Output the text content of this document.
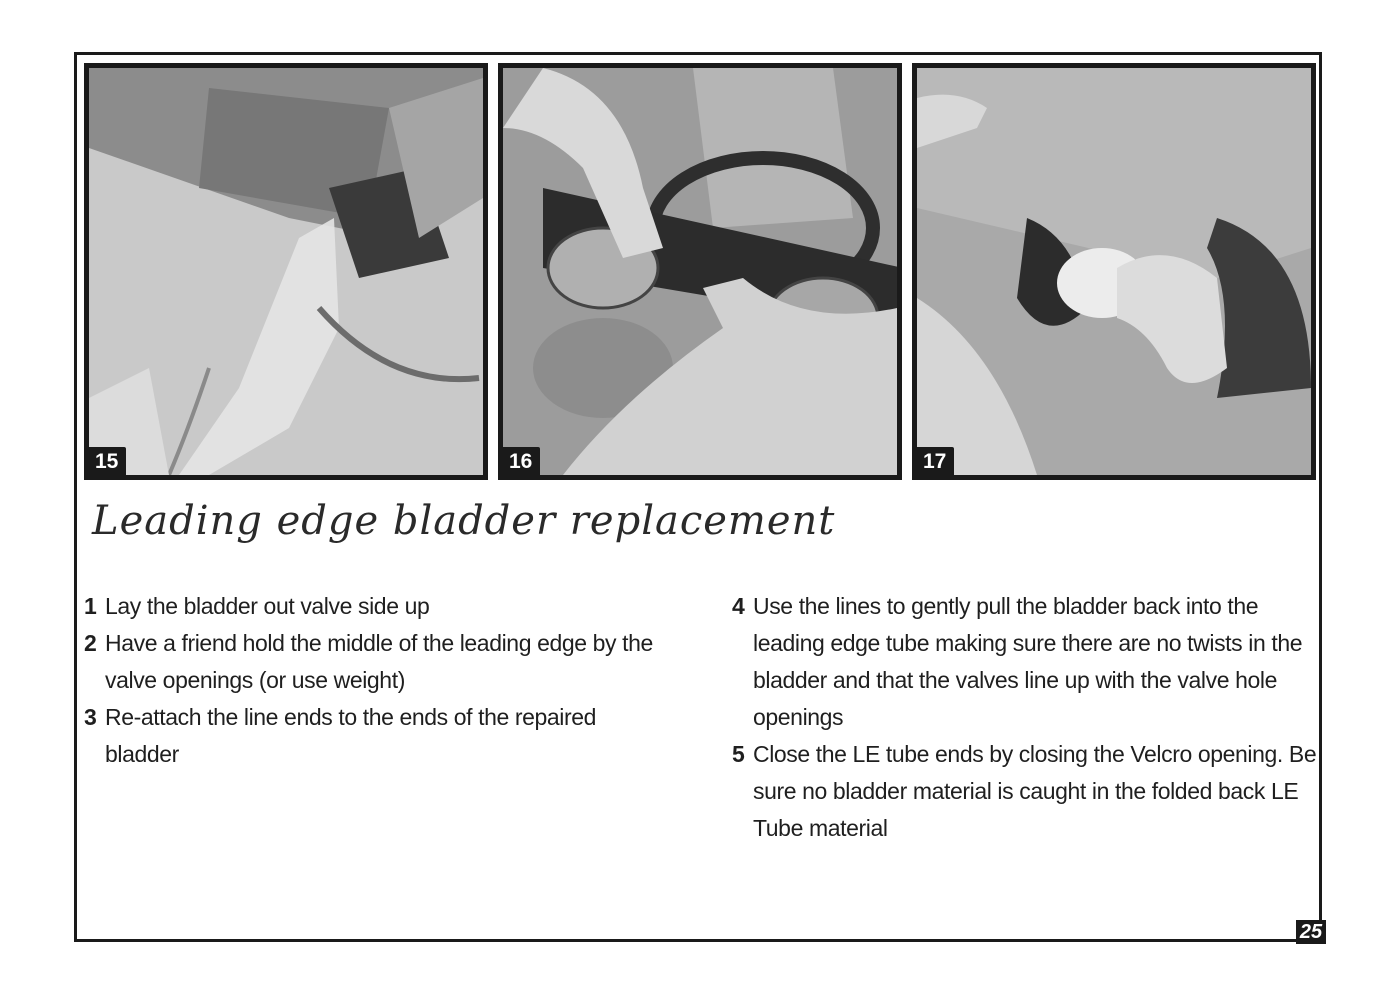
15	16	17
Leading edge bladder replacement
1 Lay the bladder out valve side up
2 Have a friend hold the middle of the leading edge by the valve openings (or use weight)
3 Re-attach the line ends to the ends of the repaired bladder
4 Use the lines to gently pull the bladder back into the leading edge tube making sure there are no twists in the bladder and that the valves line up with the valve hole openings
5 Close the LE tube ends by closing the Velcro opening. Be sure no bladder material is caught in the folded back LE Tube material
25
